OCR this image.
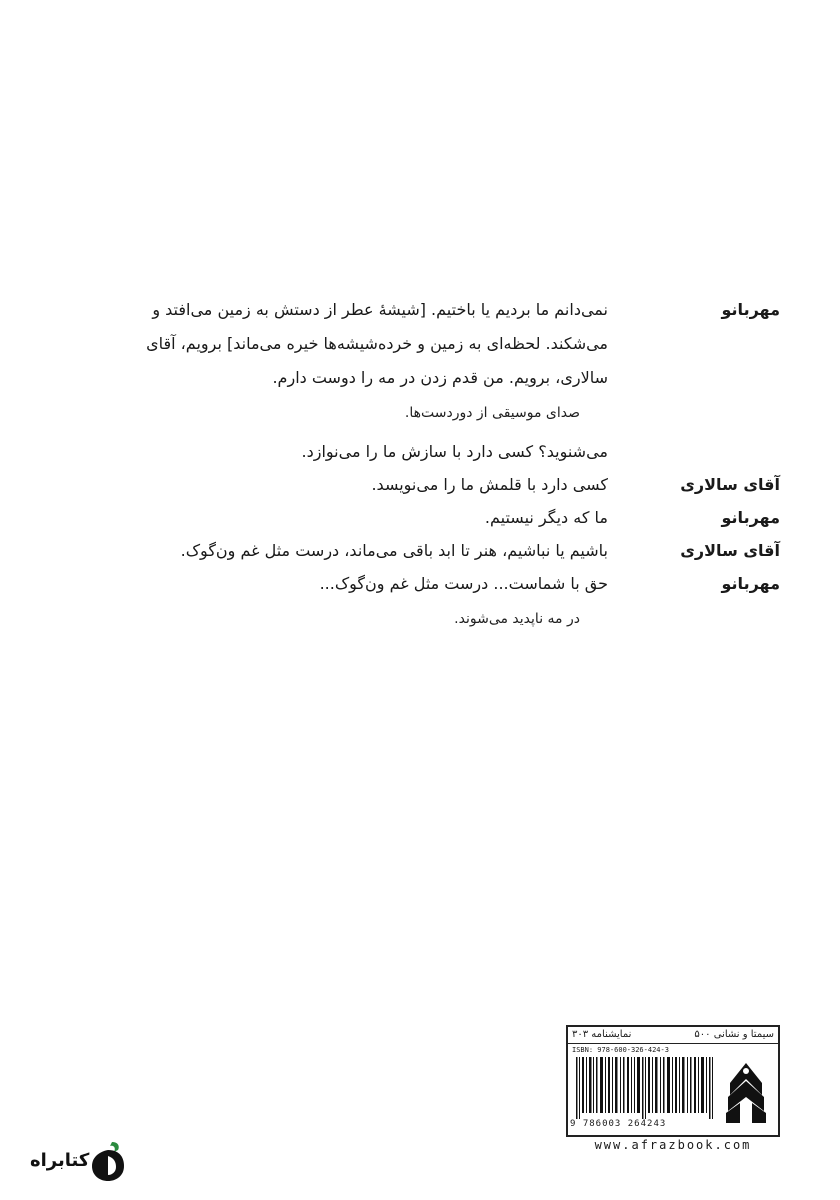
مهربانو
نمی‌دانم ما بردیم یا باختیم. [شیشهٔ عطر از دستش به زمین می‌افتد و
می‌شکند. لحظه‌ای به زمین و خرده‌شیشه‌ها خیره می‌ماند] برویم، آقای
سالاری، برویم. من قدم زدن در مه را دوست دارم.
صدای موسیقی از دوردست‌ها.
می‌شنوید؟ کسی دارد با سازش ما را می‌نوازد.
آقای سالاری
کسی دارد با قلمش ما را می‌نویسد.
مهربانو
ما که دیگر نیستیم.
آقای سالاری
باشیم یا نباشیم، هنر تا ابد باقی می‌ماند، درست مثل غم ون‌گوک.
مهربانو
حق با شماست... درست مثل غم ون‌گوک...
در مه ناپدید می‌شوند.
سیمتا و نشانی ۵۰۰
نمایشنامه ۳۰۳
ISBN: 978-600-326-424-3
9 786003 264243
www.afrazbook.com
کتابراه
